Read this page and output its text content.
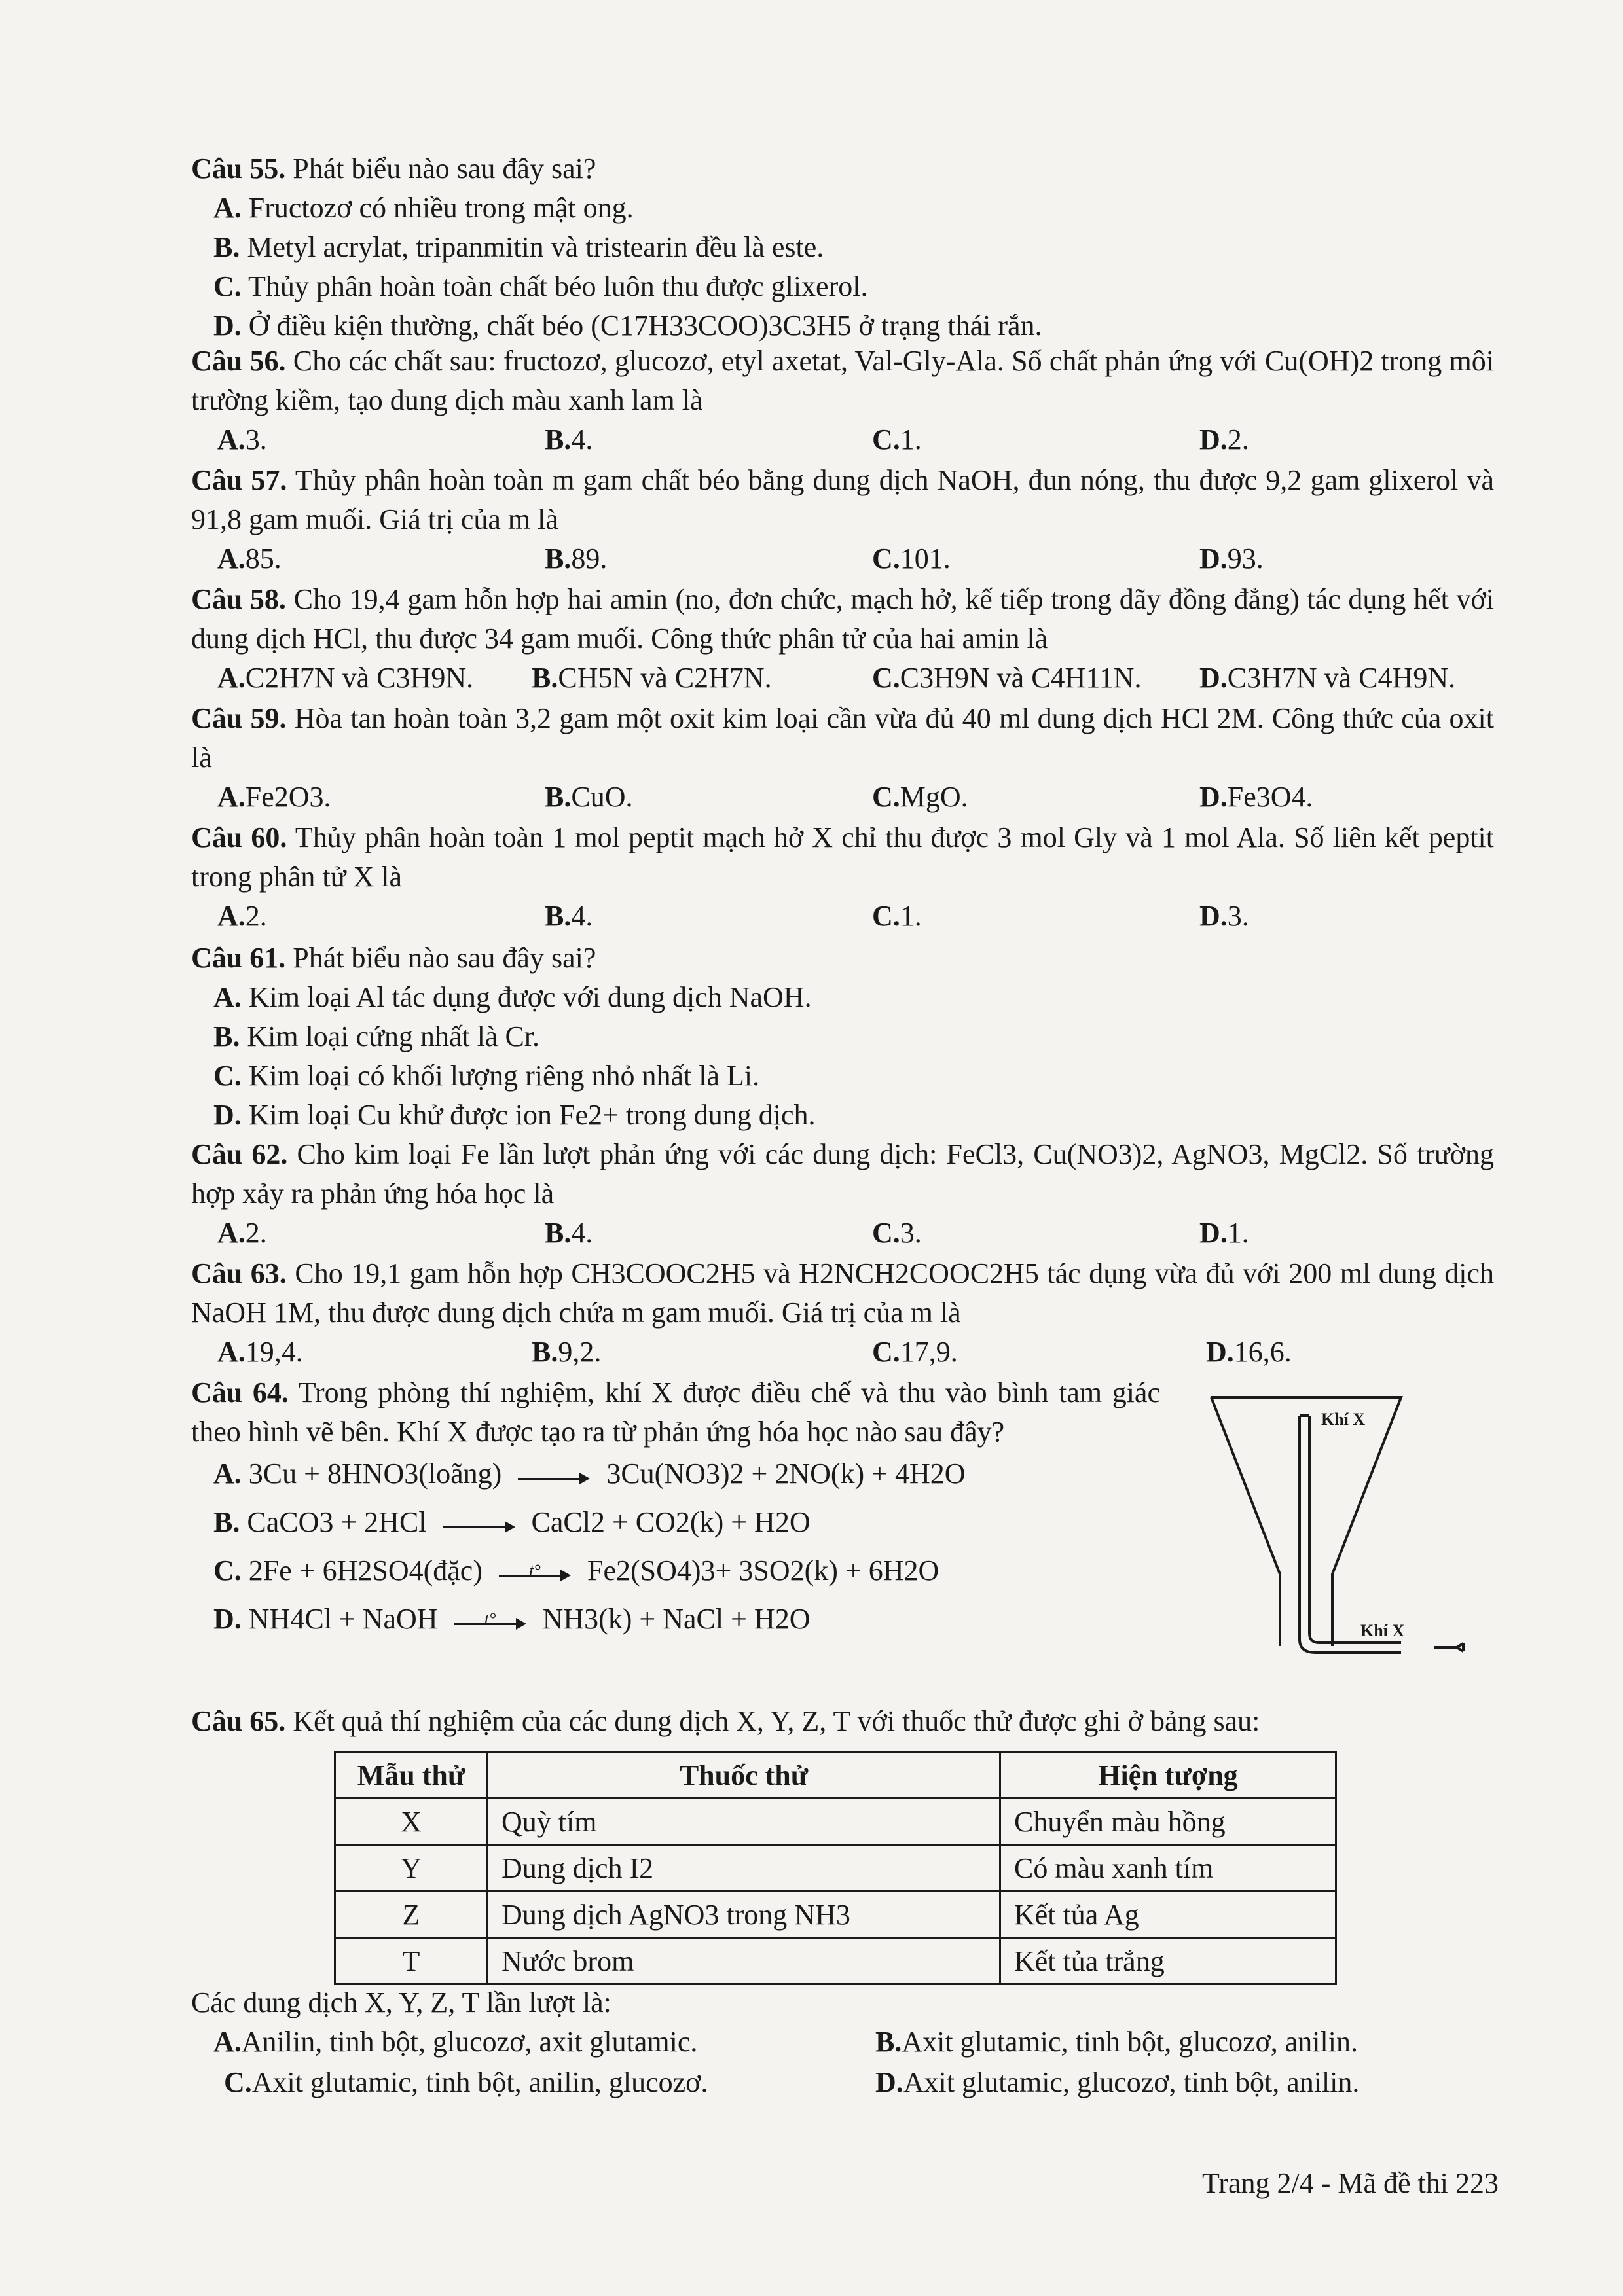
Câu 55. Phát biểu nào sau đây sai?

A. Fructozơ có nhiều trong mật ong.
B. Metyl acrylat, tripanmitin và tristearin đều là este.
C. Thủy phân hoàn toàn chất béo luôn thu được glixerol.
D. Ở điều kiện thường, chất béo (C17H33COO)3C3H5 ở trạng thái rắn.

Câu 56. Cho các chất sau: fructozơ, glucozơ, etyl axetat, Val-Gly-Ala. Số chất phản ứng với Cu(OH)2 trong môi trường kiềm, tạo dung dịch màu xanh lam là

A. 3.	B. 4.	C. 1.	D. 2.

Câu 57. Thủy phân hoàn toàn m gam chất béo bằng dung dịch NaOH, đun nóng, thu được 9,2 gam glixerol và 91,8 gam muối. Giá trị của m là

A. 85.	B. 89.	C. 101.	D. 93.

Câu 58. Cho 19,4 gam hỗn hợp hai amin (no, đơn chức, mạch hở, kế tiếp trong dãy đồng đẳng) tác dụng hết với dung dịch HCl, thu được 34 gam muối. Công thức phân tử của hai amin là

A. C2H7N và C3H9N. B. CH5N và C2H7N.	C. C3H9N và C4H11N. D. C3H7N và C4H9N.

Câu 59. Hòa tan hoàn toàn 3,2 gam một oxit kim loại cần vừa đủ 40 ml dung dịch HCl 2M. Công thức của oxit là

A. Fe2O3.	B. CuO.	C. MgO.	D. Fe3O4.

Câu 60. Thủy phân hoàn toàn 1 mol peptit mạch hở X chỉ thu được 3 mol Gly và 1 mol Ala. Số liên kết peptit trong phân tử X là

A. 2.	B. 4.	C. 1.	D. 3.

Câu 61. Phát biểu nào sau đây sai?

A. Kim loại Al tác dụng được với dung dịch NaOH.
B. Kim loại cứng nhất là Cr.
C. Kim loại có khối lượng riêng nhỏ nhất là Li.
D. Kim loại Cu khử được ion Fe2+ trong dung dịch.

Câu 62. Cho kim loại Fe lần lượt phản ứng với các dung dịch: FeCl3, Cu(NO3)2, AgNO3, MgCl2. Số trường hợp xảy ra phản ứng hóa học là

A. 2.	B. 4.	C. 3.	D. 1.

Câu 63. Cho 19,1 gam hỗn hợp CH3COOC2H5 và H2NCH2COOC2H5 tác dụng vừa đủ với 200 ml dung dịch NaOH 1M, thu được dung dịch chứa m gam muối. Giá trị của m là

A. 19,4.	B. 9,2.	C. 17,9.	D. 16,6.

Câu 64. Trong phòng thí nghiệm, khí X được điều chế và thu vào bình tam giác theo hình vẽ bên. Khí X được tạo ra từ phản ứng hóa học nào sau đây?

A. 3Cu + 8HNO3(loãng)	3Cu(NO3)2 + 2NO(k) + 4H2O
B. CaCO3 + 2HCl	CaCl2 + CO2(k) + H2O
C. 2Fe + 6H2SO4(đặc)	t°	Fe2(SO4)3+ 3SO2(k) + 6H2O
D. NH4Cl + NaOH	t°	NH3(k) + NaCl + H2O
Khí X
Khí X

Câu 65. Kết quả thí nghiệm của các dung dịch X, Y, Z, T với thuốc thử được ghi ở bảng sau:

Mẫu thử	Thuốc thử	Hiện tượng
X	Quỳ tím	Chuyển màu hồng
Y	Dung dịch I2	Có màu xanh tím
Z	Dung dịch AgNO3 trong NH3	Kết tủa Ag
T	Nước brom	Kết tủa trắng

Các dung dịch X, Y, Z, T lần lượt là:

A. Anilin, tinh bột, glucozơ, axit glutamic.	B. Axit glutamic, tinh bột, glucozơ, anilin.
C. Axit glutamic, tinh bột, anilin, glucozơ.	D. Axit glutamic, glucozơ, tinh bột, anilin.
Trang 2/4 - Mã đề thi 223
